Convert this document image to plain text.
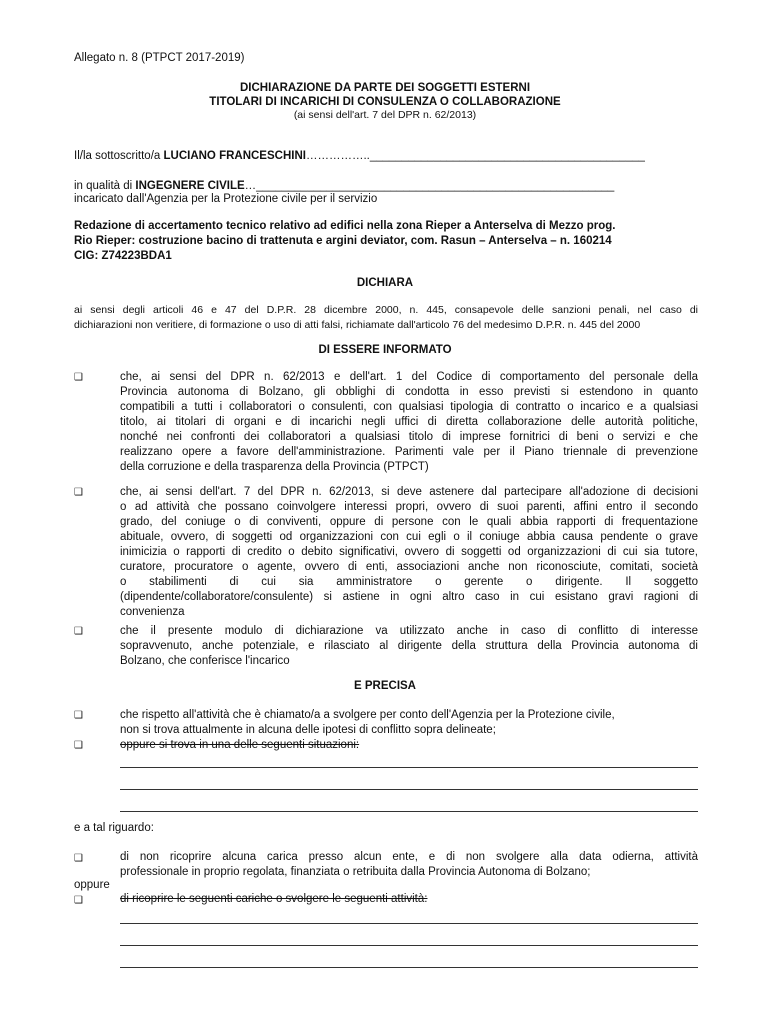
Allegato n. 8 (PTPCT 2017-2019)
DICHIARAZIONE DA PARTE DEI SOGGETTI ESTERNI
TITOLARI DI INCARICHI DI CONSULENZA O COLLABORAZIONE
(ai sensi dell'art. 7 del DPR n. 62/2013)
Il/la sottoscritto/a LUCIANO FRANCESCHINI……………..___________________________________________
in qualità di INGEGNERE CIVILE…________________________________________________________
incaricato dall'Agenzia per la Protezione civile per il servizio
Redazione di accertamento tecnico relativo ad edifici nella zona Rieper a Anterselva di Mezzo prog.
Rio Rieper: costruzione bacino di trattenuta e argini deviator, com. Rasun – Anterselva – n. 160214
CIG: Z74223BDA1
DICHIARA
ai sensi degli articoli 46 e 47 del D.P.R. 28 dicembre 2000, n. 445, consapevole delle sanzioni penali, nel caso di
dichiarazioni non veritiere, di formazione o uso di atti falsi, richiamate dall'articolo 76 del medesimo D.P.R. n. 445 del 2000
DI ESSERE INFORMATO
❑	che, ai sensi del DPR n. 62/2013 e dell'art. 1 del Codice di comportamento del personale della
Provincia autonoma di Bolzano, gli obblighi di condotta in esso previsti si estendono in quanto
compatibili a tutti i collaboratori o consulenti, con qualsiasi tipologia di contratto o incarico e a qualsiasi
titolo, ai titolari di organi e di incarichi negli uffici di diretta collaborazione delle autorità politiche,
nonché nei confronti dei collaboratori a qualsiasi titolo di imprese fornitrici di beni o servizi e che
realizzano opere a favore dell'amministrazione. Parimenti vale per il Piano triennale di prevenzione
della corruzione e della trasparenza della Provincia (PTPCT)
❑	che, ai sensi dell'art. 7 del DPR n. 62/2013, si deve astenere dal partecipare all'adozione di decisioni
o ad attività che possano coinvolgere interessi propri, ovvero di suoi parenti, affini entro il secondo
grado, del coniuge o di conviventi, oppure di persone con le quali abbia rapporti di frequentazione
abituale, ovvero, di soggetti od organizzazioni con cui egli o il coniuge abbia causa pendente o grave
inimicizia o rapporti di credito o debito significativi, ovvero di soggetti od organizzazioni di cui sia tutore,
curatore, procuratore o agente, ovvero di enti, associazioni anche non riconosciute, comitati, società
o stabilimenti di cui sia amministratore o gerente o dirigente. Il soggetto
(dipendente/collaboratore/consulente) si astiene in ogni altro caso in cui esistano gravi ragioni di
convenienza
❑	che il presente modulo di dichiarazione va utilizzato anche in caso di conflitto di interesse
sopravvenuto, anche potenziale, e rilasciato al dirigente della struttura della Provincia autonoma di
Bolzano, che conferisce l'incarico
E PRECISA
❑	che rispetto all'attività che è chiamato/a a svolgere per conto dell'Agenzia per la Protezione civile,
non si trova attualmente in alcuna delle ipotesi di conflitto sopra delineate;
❑	oppure si trova in una delle seguenti situazioni:
e a tal riguardo:
❑	di non ricoprire alcuna carica presso alcun ente, e di non svolgere alla data odierna, attività
professionale in proprio regolata, finanziata o retribuita dalla Provincia Autonoma di Bolzano;
oppure
❑	di ricoprire le seguenti cariche o svolgere le seguenti attività:
